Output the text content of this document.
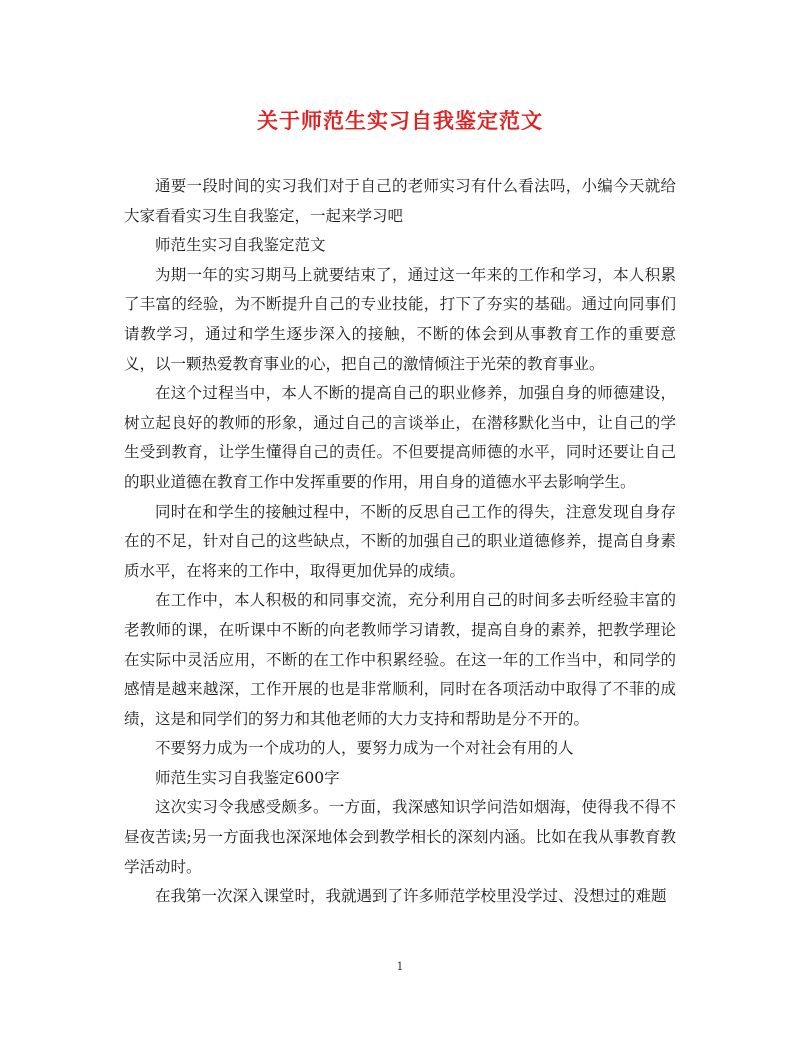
关于师范生实习自我鉴定范文

通要一段时间的实习我们对于自己的老师实习有什么看法吗，小编今天就给大家看看实习生自我鉴定，一起来学习吧

师范生实习自我鉴定范文

为期一年的实习期马上就要结束了，通过这一年来的工作和学习，本人积累了丰富的经验，为不断提升自己的专业技能，打下了夯实的基础。通过向同事们请教学习，通过和学生逐步深入的接触，不断的体会到从事教育工作的重要意义，以一颗热爱教育事业的心，把自己的激情倾注于光荣的教育事业。

在这个过程当中，本人不断的提高自己的职业修养，加强自身的师德建设，树立起良好的教师的形象，通过自己的言谈举止，在潜移默化当中，让自己的学生受到教育，让学生懂得自己的责任。不但要提高师德的水平，同时还要让自己的职业道德在教育工作中发挥重要的作用，用自身的道德水平去影响学生。

同时在和学生的接触过程中，不断的反思自己工作的得失，注意发现自身存在的不足，针对自己的这些缺点，不断的加强自己的职业道德修养，提高自身素质水平，在将来的工作中，取得更加优异的成绩。

在工作中，本人积极的和同事交流，充分利用自己的时间多去听经验丰富的老教师的课，在听课中不断的向老教师学习请教，提高自身的素养，把教学理论在实际中灵活应用，不断的在工作中积累经验。在这一年的工作当中，和同学的感情是越来越深，工作开展的也是非常顺利，同时在各项活动中取得了不菲的成绩，这是和同学们的努力和其他老师的大力支持和帮助是分不开的。

不要努力成为一个成功的人，要努力成为一个对社会有用的人

师范生实习自我鉴定600字

这次实习令我感受颇多。一方面，我深感知识学问浩如烟海，使得我不得不昼夜苦读;另一方面我也深深地体会到教学相长的深刻内涵。比如在我从事教育教学活动时。

在我第一次深入课堂时，我就遇到了许多师范学校里没学过、没想过的难题

1
